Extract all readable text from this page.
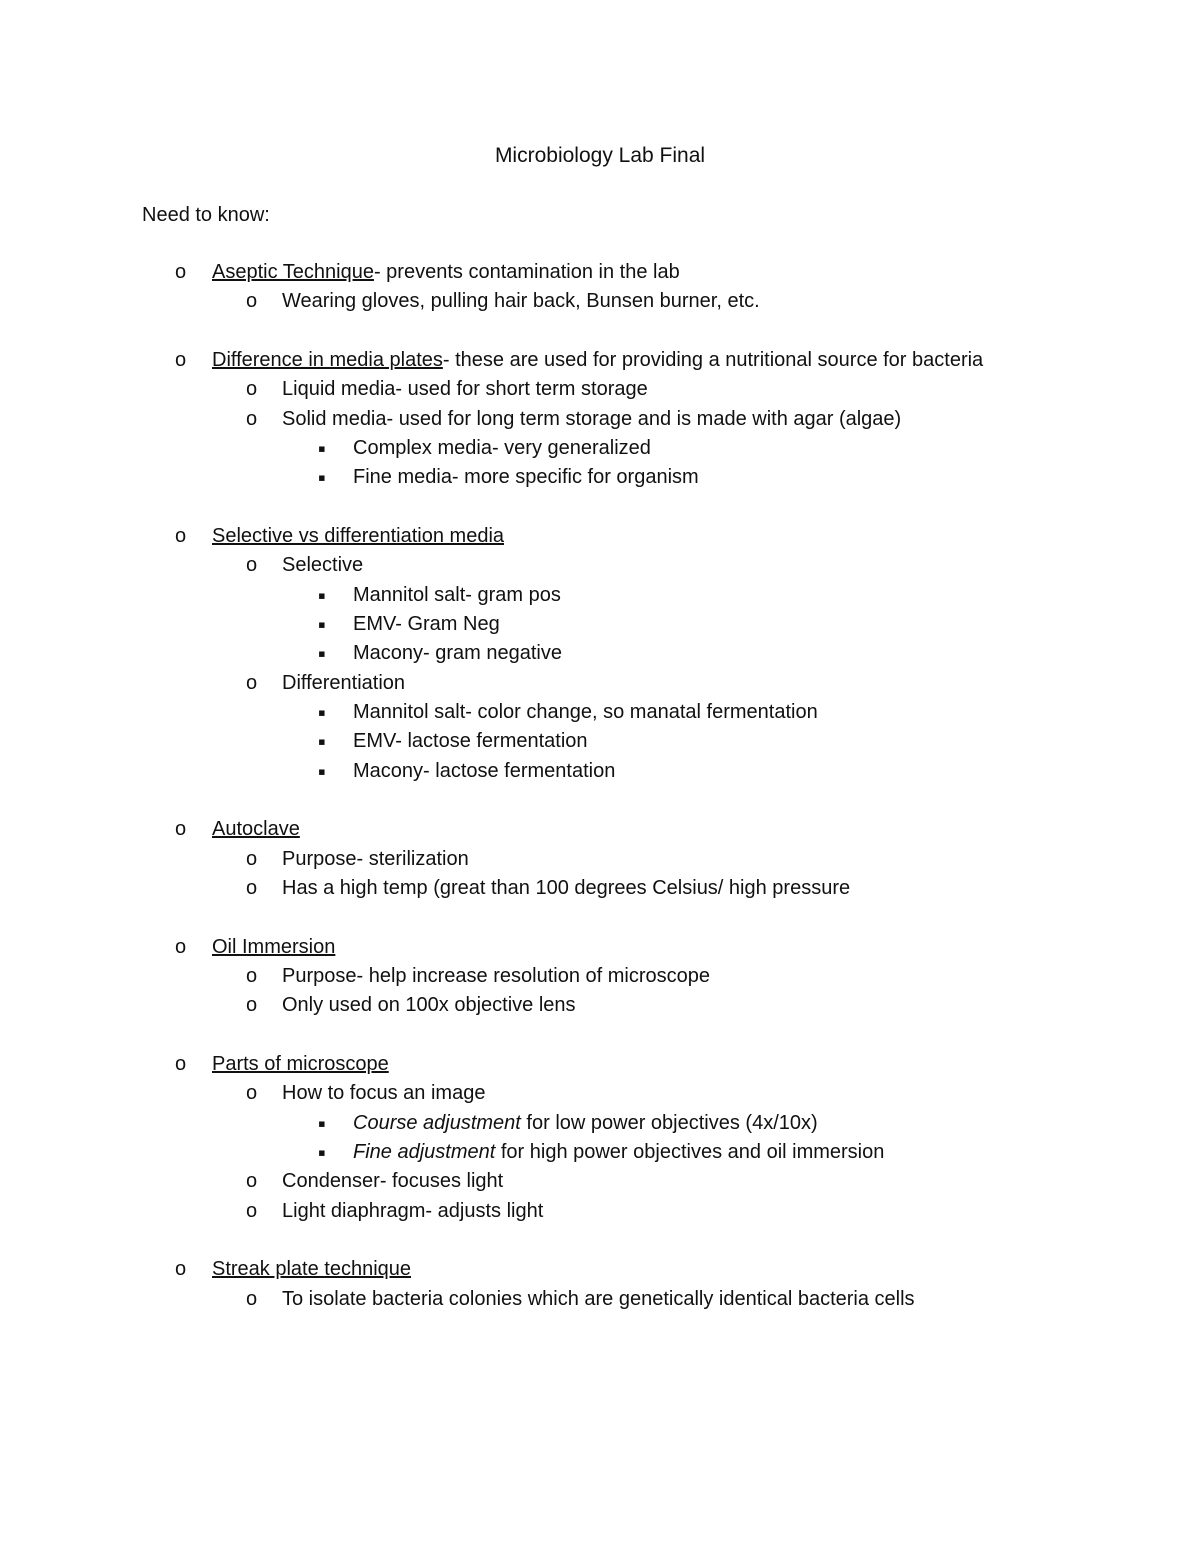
Microbiology Lab Final

Need to know:

o Aseptic Technique- prevents contamination in the lab
o Wearing gloves, pulling hair back, Bunsen burner, etc.
o Difference in media plates- these are used for providing a nutritional source for bacteria
o Liquid media- used for short term storage
o Solid media- used for long term storage and is made with agar (algae)
▪ Complex media- very generalized
▪ Fine media- more specific for organism
o Selective vs differentiation media
o Selective
▪ Mannitol salt- gram pos
▪ EMV- Gram Neg
▪ Macony- gram negative
o Differentiation
▪ Mannitol salt- color change, so manatal fermentation
▪ EMV- lactose fermentation
▪ Macony- lactose fermentation
o Autoclave
o Purpose- sterilization
o Has a high temp (great than 100 degrees Celsius/ high pressure
o Oil Immersion
o Purpose- help increase resolution of microscope
o Only used on 100x objective lens
o Parts of microscope
o How to focus an image
▪ Course adjustment for low power objectives (4x/10x)
▪ Fine adjustment for high power objectives and oil immersion
o Condenser- focuses light
o Light diaphragm- adjusts light
o Streak plate technique
o To isolate bacteria colonies which are genetically identical bacteria cells
